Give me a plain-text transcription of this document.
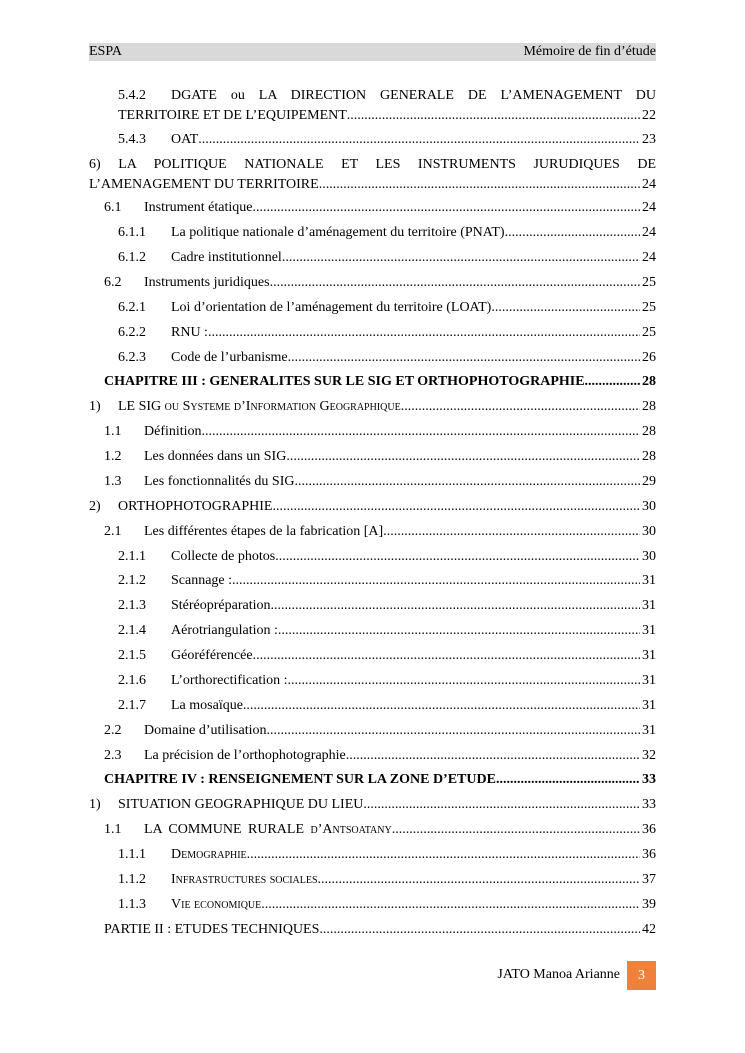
ESPA	Mémoire de fin d’étude
5.4.2 DGATE ou LA DIRECTION GENERALE DE L’AMENAGEMENT DU
TERRITOIRE ET DE L’EQUIPEMENT .....	22
5.4.3 OAT .....	23
6) LA POLITIQUE NATIONALE ET LES INSTRUMENTS JURUDIQUES DE
L’AMENAGEMENT DU TERRITOIRE .....	24
6.1 Instrument étatique .....	24
6.1.1 La politique nationale d’aménagement du territoire (PNAT) .....	24
6.1.2 Cadre institutionnel .....	24
6.2 Instruments juridiques .....	25
6.2.1 Loi d’orientation de l’aménagement du territoire (LOAT) .....	25
6.2.2 RNU : .....	25
6.2.3 Code de l’urbanisme .....	26
CHAPITRE III : GENERALITES SUR LE SIG ET ORTHOPHOTOGRAPHIE .....	28
1) LE SIG ou Systeme d’Information Geographique .....	28
1.1 Définition .....	28
1.2 Les données dans un SIG .....	28
1.3 Les fonctionnalités du SIG .....	29
2) ORTHOPHOTOGRAPHIE .....	30
2.1 Les différentes étapes de la fabrication [A] .....	30
2.1.1 Collecte de photos .....	30
2.1.2 Scannage : .....	31
2.1.3 Stéréopréparation .....	31
2.1.4 Aérotriangulation : .....	31
2.1.5 Géoréférencée. .....	31
2.1.6 L’orthorectification : .....	31
2.1.7 La mosaïque .....	31
2.2 Domaine d’utilisation .....	31
2.3 La précision de l’orthophotographie .....	32
CHAPITRE IV : RENSEIGNEMENT SUR LA ZONE D’ETUDE .....	33
1) SITUATION GEOGRAPHIQUE DU LIEU .....	33
1.1 LA COMMUNE RURALE d’Antsoatany .....	36
1.1.1 Demographie .....	36
1.1.2 Infrastructures sociales .....	37
1.1.3 Vie economique .....	39
PARTIE II : ETUDES TECHNIQUES .....	42
JATO Manoa Arianne	3
